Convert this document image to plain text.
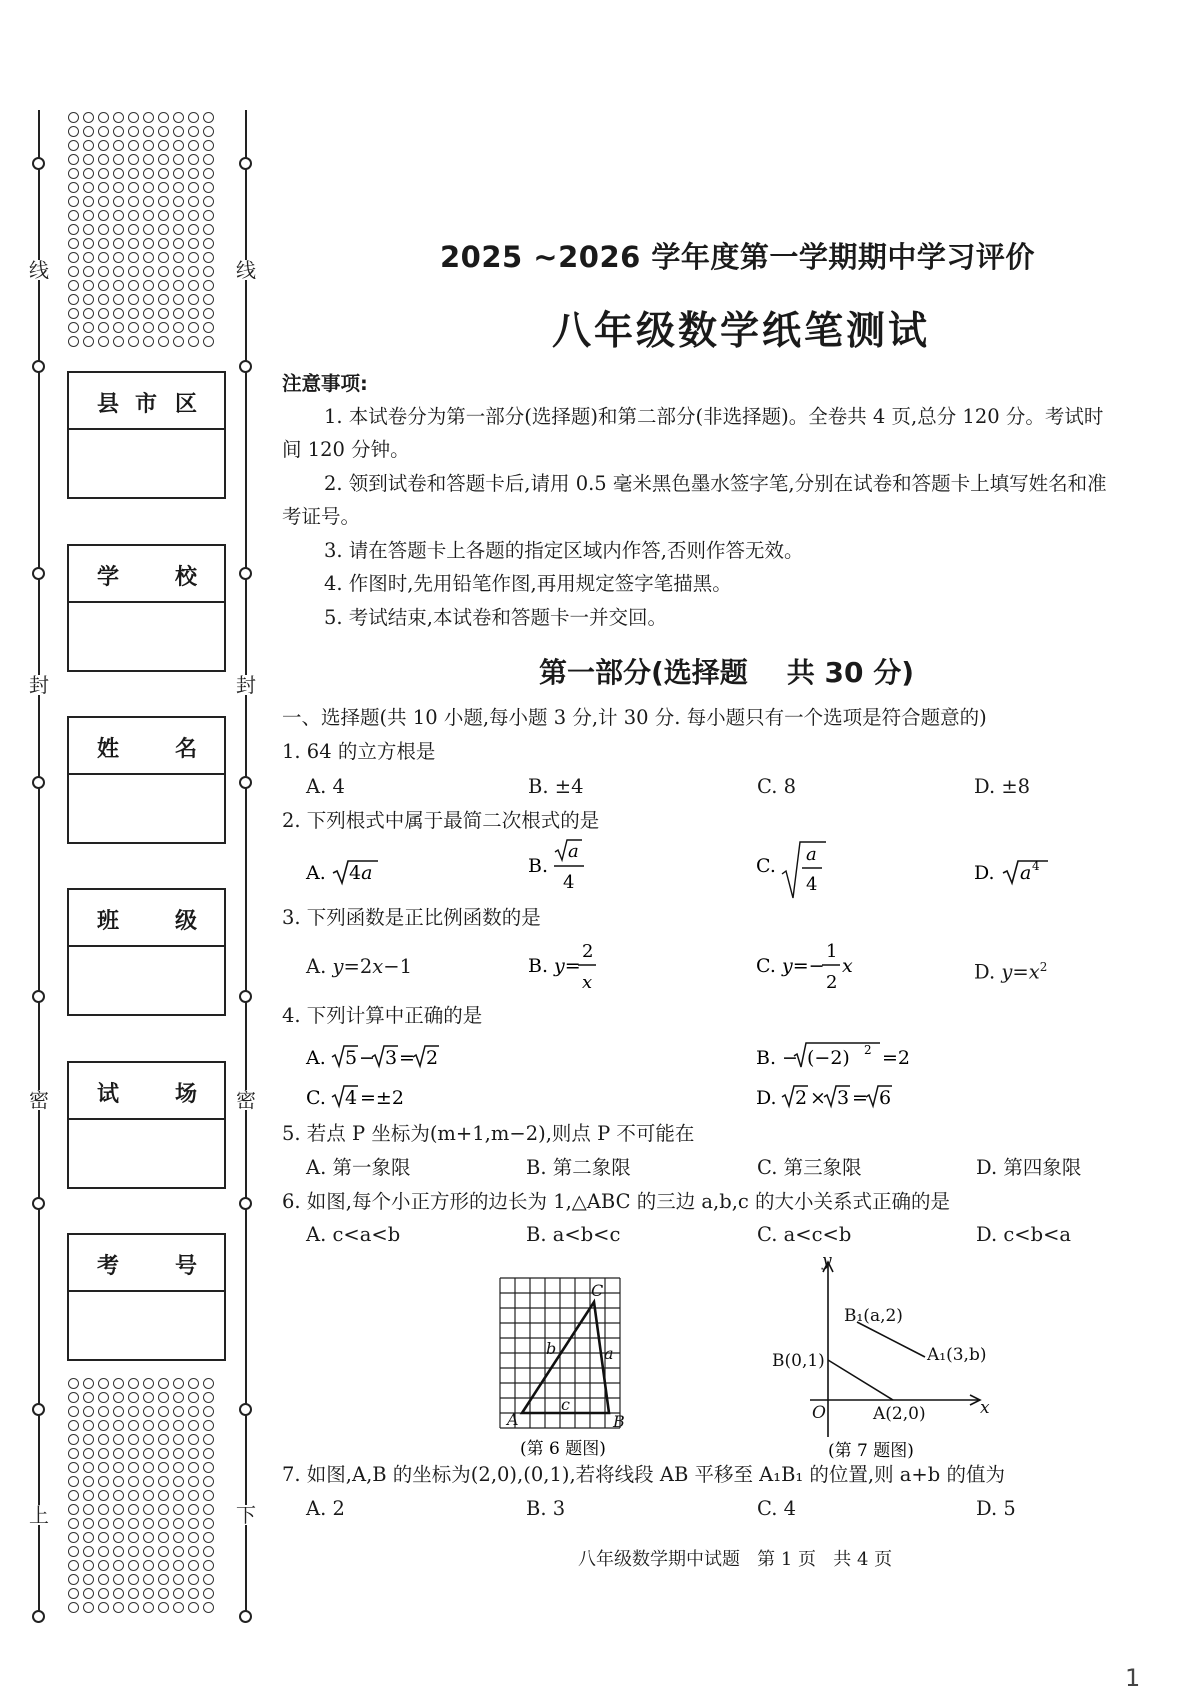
线
封
密
上
线
封
密
下
县 市 区
学	校
姓	名
班	级
试	场
考	号
2025 ~2026 学年度第一学期期中学习评价
八年级数学纸笔测试
注意事项:
1. 本试卷分为第一部分(选择题)和第二部分(非选择题)。全卷共 4 页,总分 120 分。考试时
间 120 分钟。
2. 领到试卷和答题卡后,请用 0.5 毫米黑色墨水签字笔,分别在试卷和答题卡上填写姓名和准
考证号。
3. 请在答题卡上各题的指定区域内作答,否则作答无效。
4. 作图时,先用铅笔作图,再用规定签字笔描黑。
5. 考试结束,本试卷和答题卡一并交回。
第一部分(选择题    共 30 分)
一、选择题(共 10 小题,每小题 3 分,计 30 分. 每小题只有一个选项是符合题意的)
1. 64 的立方根是
A. 4	B. ±4	C. 8	D. ±8
2. 下列根式中属于最简二次根式的是
A. 4a	B.
a
4
C.
a
4
D. a 4
3. 下列函数是正比例函数的是
A. y=2x−1	B. y=
2
x
C. y=−
1
2
x	D. $y=x^2$
4. 下列计算中正确的是
A. 5 − 3 = 2	B. − (−2) 2 =2
C. 4 =±2	D. 2 × 3 = 6
5. 若点 P 坐标为(m+1,m−2),则点 P 不可能在
A. 第一象限	B. 第二象限	C. 第三象限	D. 第四象限
6. 如图,每个小正方形的边长为 1,△ABC 的三边 a,b,c 的大小关系式正确的是
A. c<a<b	B. a<b<c	C. a<c<b	D. c<b<a
A	B
C
a
b
c
(第 6 题图)
y
x
O
B₁(a,2)
A₁(3,b)
B(0,1)
A(2,0)
(第 7 题图)
7. 如图,A,B 的坐标为(2,0),(0,1),若将线段 AB 平移至 A₁B₁ 的位置,则 a+b 的值为
A. 2	B. 3	C. 4	D. 5
八年级数学期中试题   第 1 页   共 4 页
1
